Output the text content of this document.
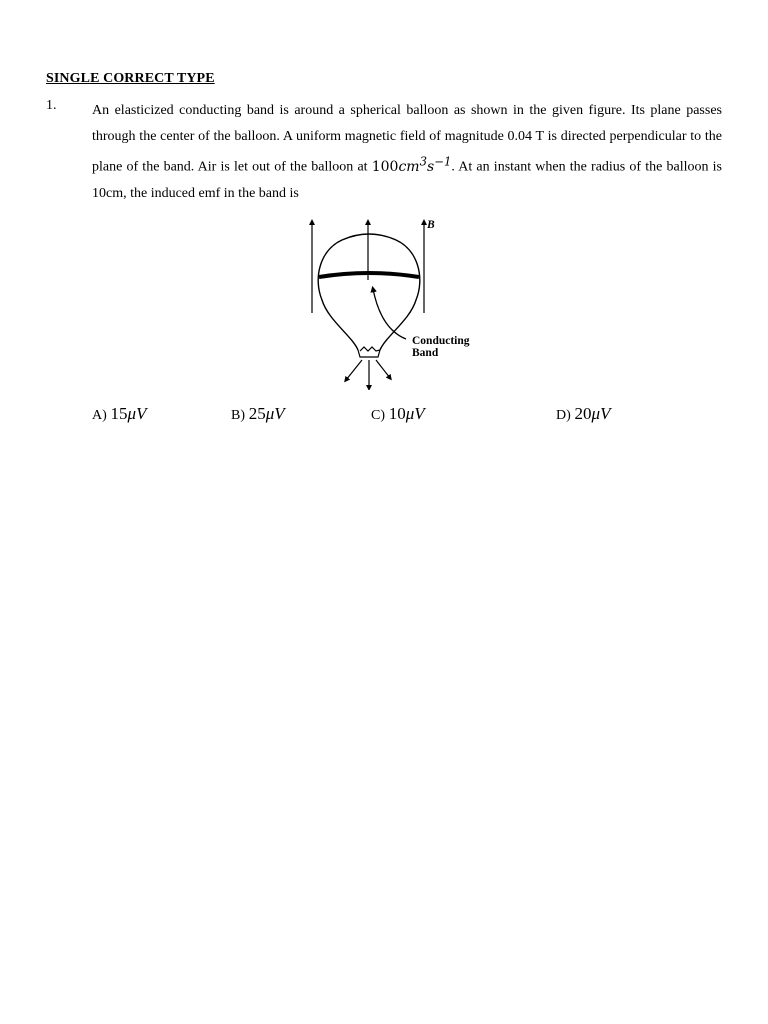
SINGLE CORRECT TYPE
1.	An elasticized conducting band is around a spherical balloon as shown in the given figure. Its plane passes through the center of the balloon. A uniform magnetic field of magnitude 0.04 T is directed perpendicular to the plane of the band. Air is let out of the balloon at $100cm^3s^{-1}$. At an instant when the radius of the balloon is 10cm, the induced emf in the band is
B
Conducting
Band
A) 15μV	B) 25μV	C) 10μV	D) 20μV
